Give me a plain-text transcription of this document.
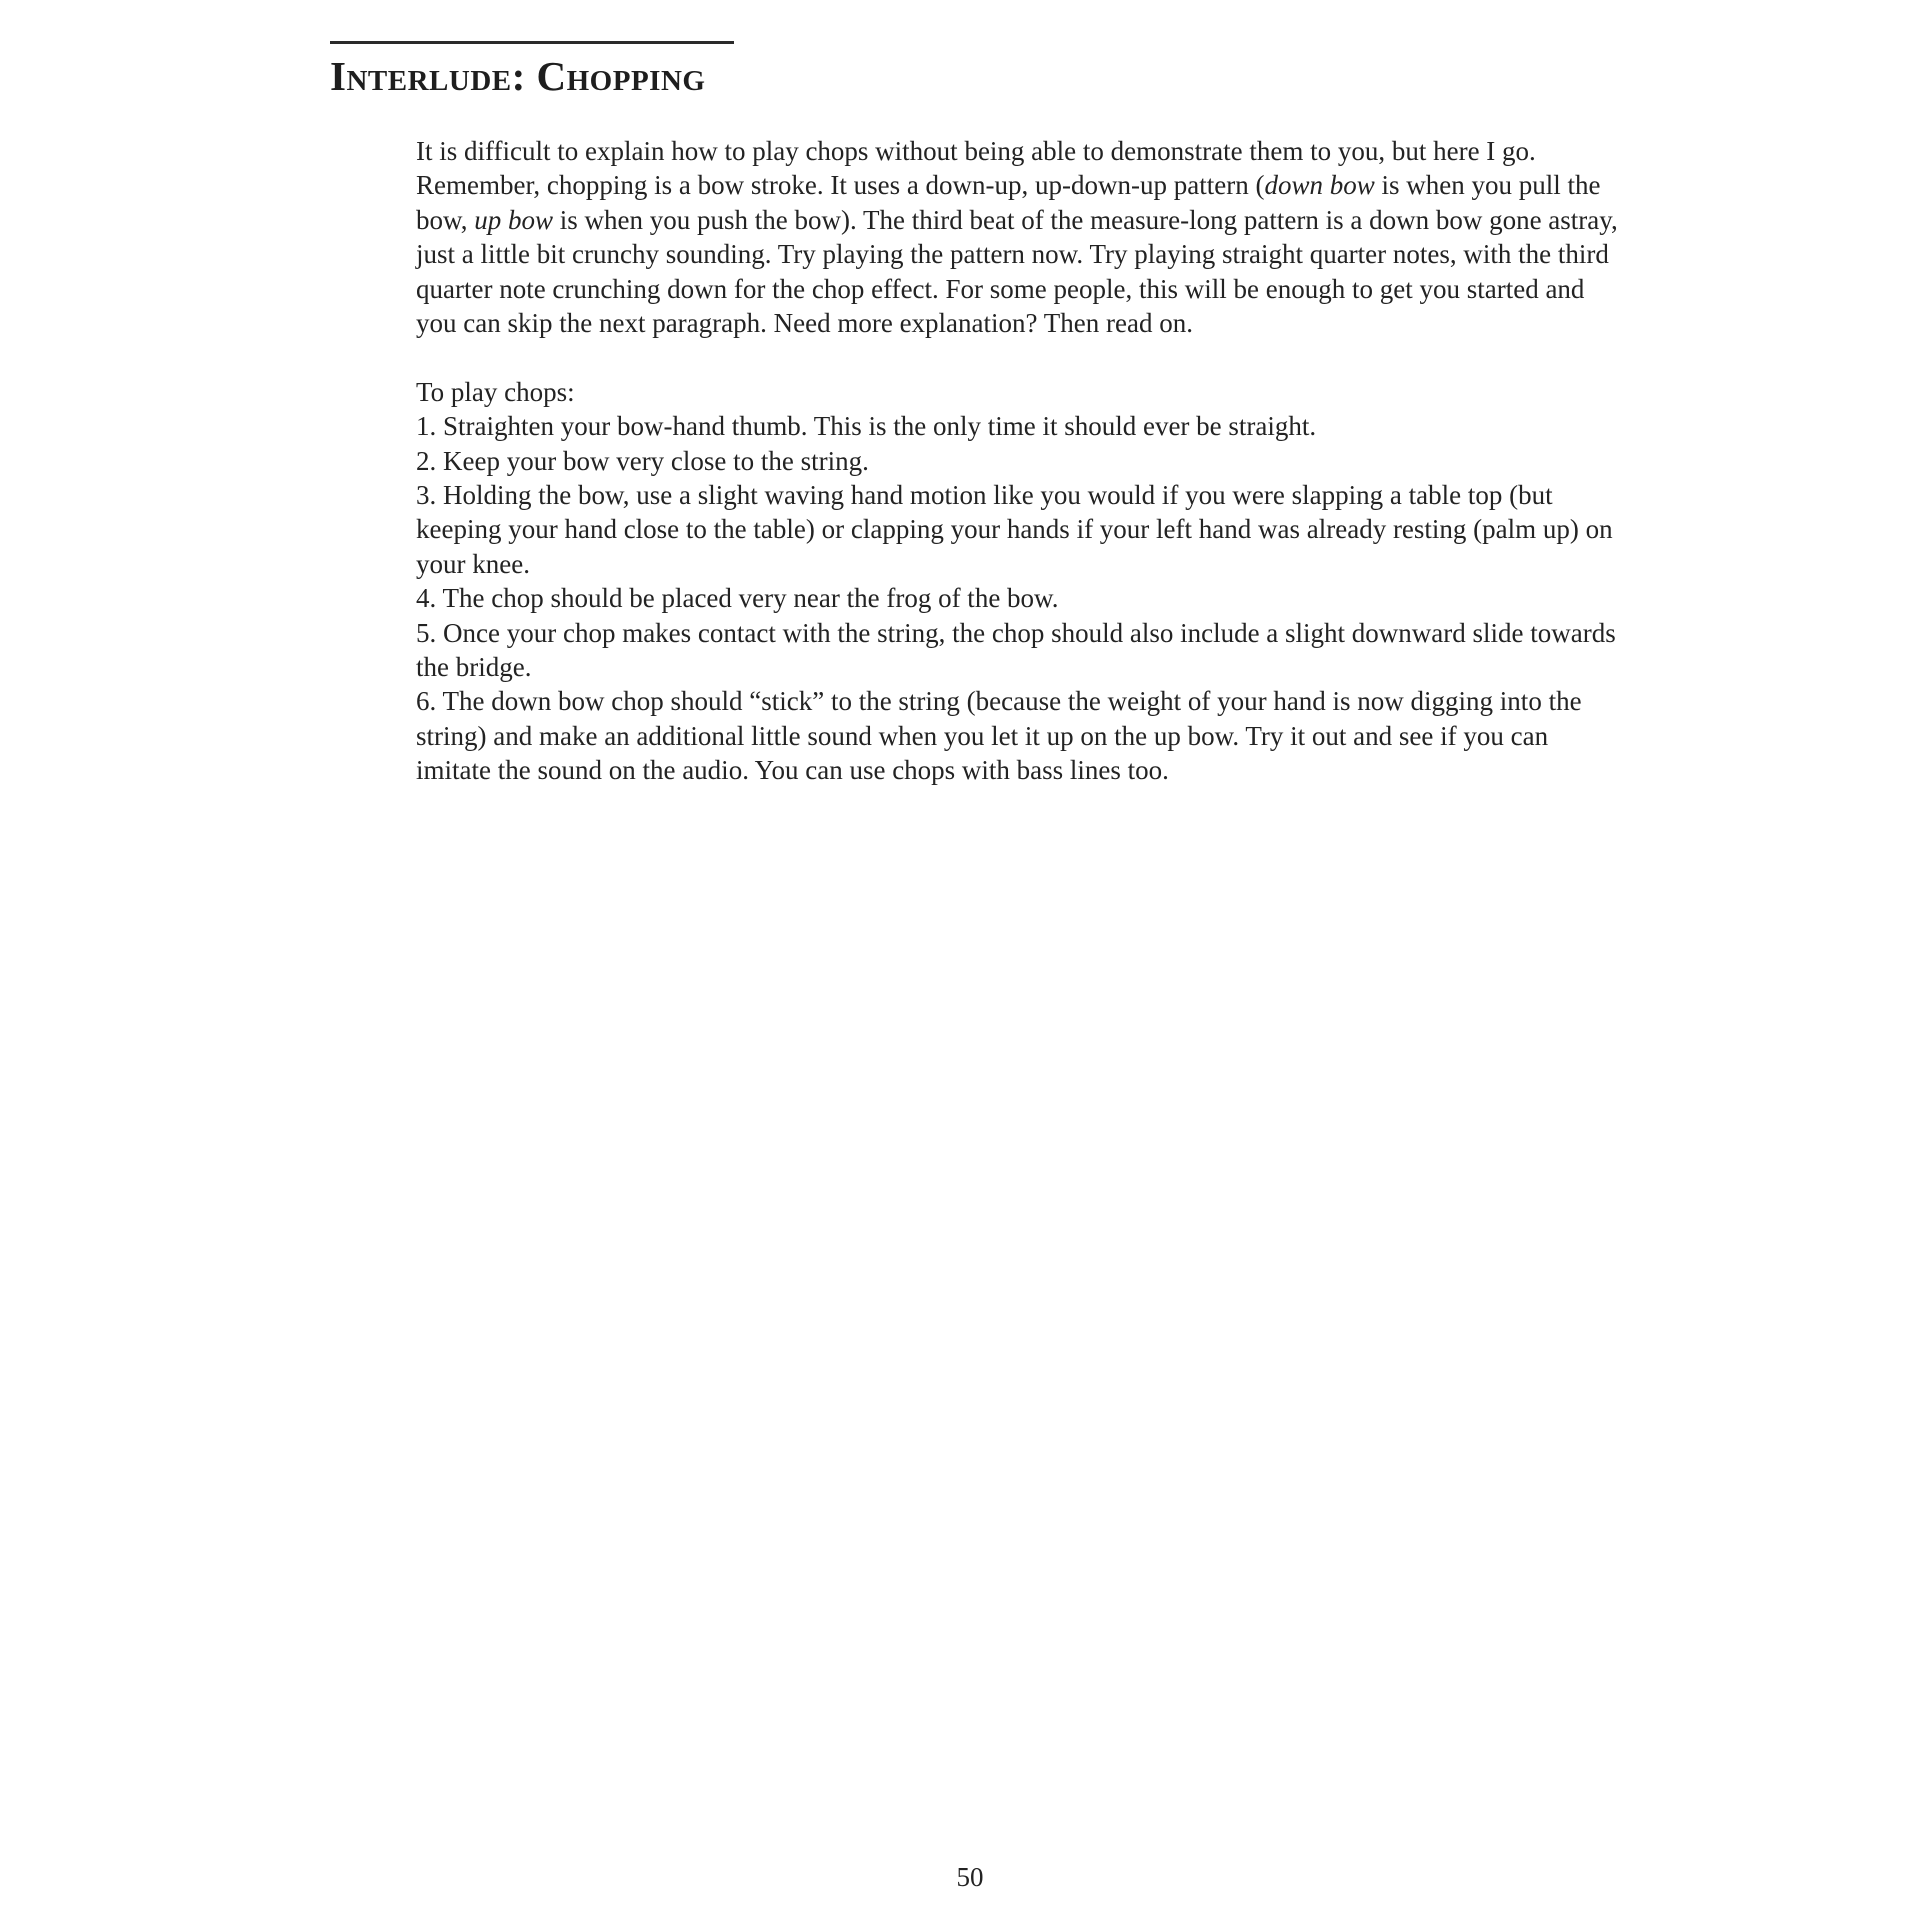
Interlude: Chopping

It is difficult to explain how to play chops without being able to demonstrate them to you, but here I go. Remember, chopping is a bow stroke. It uses a down-up, up-down-up pattern (down bow is when you pull the bow, up bow is when you push the bow). The third beat of the measure-long pattern is a down bow gone astray, just a little bit crunchy sounding. Try playing the pattern now. Try playing straight quarter notes, with the third quarter note crunching down for the chop effect. For some people, this will be enough to get you started and you can skip the next paragraph. Need more explanation? Then read on.

To play chops:

1. Straighten your bow-hand thumb. This is the only time it should ever be straight.
2. Keep your bow very close to the string.
3. Holding the bow, use a slight waving hand motion like you would if you were slapping a table top (but keeping your hand close to the table) or clapping your hands if your left hand was already resting (palm up) on your knee.
4. The chop should be placed very near the frog of the bow.
5. Once your chop makes contact with the string, the chop should also include a slight downward slide towards the bridge.
6. The down bow chop should “stick” to the string (because the weight of your hand is now digging into the string) and make an additional little sound when you let it up on the up bow. Try it out and see if you can imitate the sound on the audio. You can use chops with bass lines too.
50
